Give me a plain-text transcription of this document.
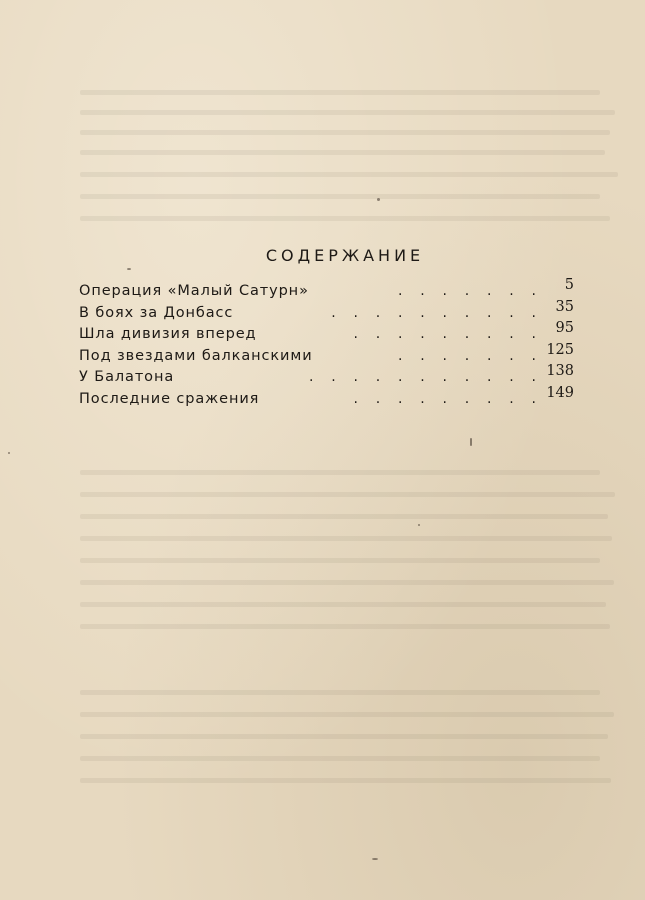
СОДЕРЖАНИЕ
Операция «Малый Сатурн»	.    .    .    .    .    .    . 5
В боях за Донбасс	.    .    .    .    .    .    .    .    .    . 35
Шла дивизия вперед	.    .    .    .    .    .    .    .    . 95
Под звездами балканскими	.    .    .    .    .    .    . 125
У Балатона	.    .    .    .    .    .    .    .    .    .    . 138
Последние сражения	.    .    .    .    .    .    .    .    . 149
